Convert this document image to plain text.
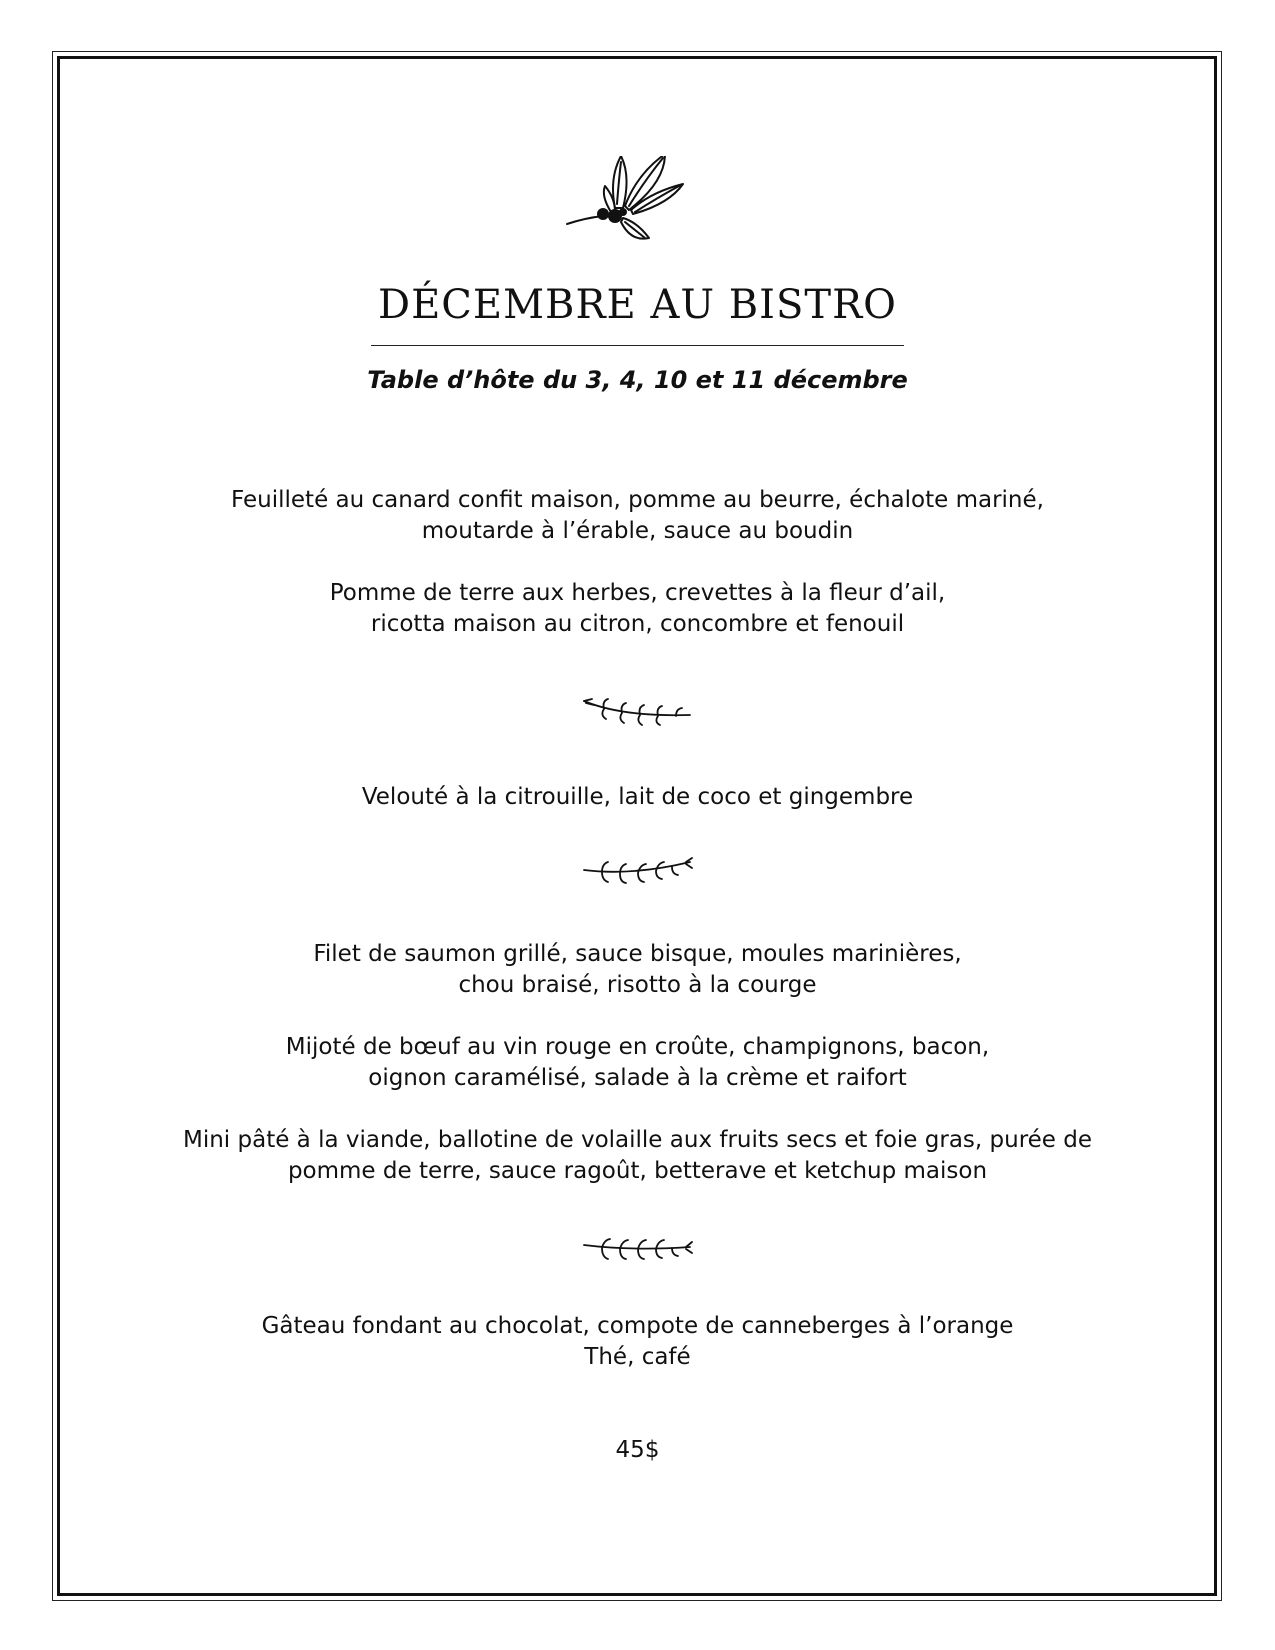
DÉCEMBRE AU BISTRO

Table d’hôte du 3, 4, 10 et 11 décembre

Feuilleté au canard confit maison, pomme au beurre, échalote mariné,
moutarde à l’érable, sauce au boudin
Pomme de terre aux herbes, crevettes à la fleur d’ail,
ricotta maison au citron, concombre et fenouil
Velouté à la citrouille, lait de coco et gingembre
Filet de saumon grillé, sauce bisque, moules marinières,
chou braisé, risotto à la courge
Mijoté de bœuf au vin rouge en croûte, champignons, bacon,
oignon caramélisé, salade à la crème et raifort
Mini pâté à la viande, ballotine de volaille aux fruits secs et foie gras, purée de
pomme de terre, sauce ragoût, betterave et ketchup maison
Gâteau fondant au chocolat, compote de canneberges à l’orange
Thé, café

45$
